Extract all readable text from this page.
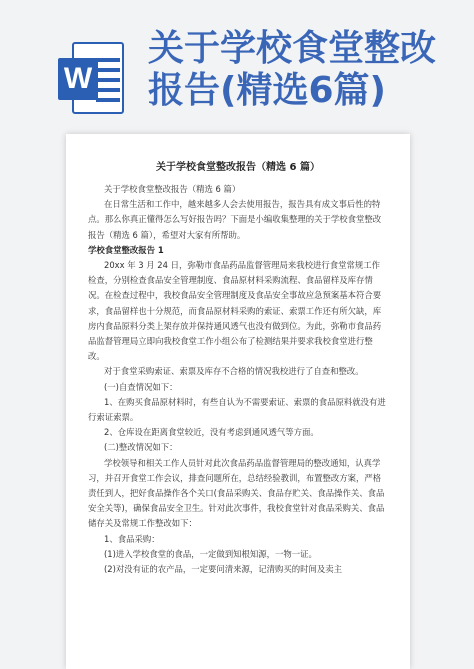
W
关于学校食堂整改
报告(精选6篇)
关于学校食堂整改报告（精选 6 篇）

关于学校食堂整改报告（精选 6 篇）

在日常生活和工作中，越来越多人会去使用报告，报告具有成文事后性的特点。那么你真正懂得怎么写好报告吗？下面是小编收集整理的关于学校食堂整改报告（精选 6 篇），希望对大家有所帮助。

学校食堂整改报告 1

20xx 年 3 月 24 日，弥勒市食品药品监督管理局来我校进行食堂常规工作检查，分别检查食品安全管理制度、食品原材料采购流程、食品留样及库存情况。在检查过程中，我校食品安全管理制度及食品安全事故应急预案基本符合要求，食品留样也十分规范，而食品原材料采购的索证、索票工作还有所欠缺，库房内食品原料分类上架存放并保持通风透气也没有做到位。为此，弥勒市食品药品监督管理局立即向我校食堂工作小组公布了检测结果并要求我校食堂进行整改。

对于食堂采购索证、索票及库存不合格的情况我校进行了自查和整改。

(一)自查情况如下：

1、在购买食品原材料时，有些自认为不需要索证、索票的食品原料就没有进行索证索票。

2、仓库设在距离食堂较近，没有考虑到通风透气等方面。

(二)整改情况如下：

学校领导和相关工作人员针对此次食品药品监督管理局的整改通知，认真学习，并召开食堂工作会议，排查问题所在，总结经验教训，布置整改方案，严格责任到人，把好食品操作各个关口(食品采购关、食品存贮关、食品操作关、食品安全关等)，确保食品安全卫生。针对此次事件，我校食堂针对食品采购关、食品储存关及常规工作整改如下：

1、食品采购：

(1)进入学校食堂的食品，一定做到知根知源，一物一证。

(2)对没有证的农产品，一定要问清来源，记清购买的时间及卖主
